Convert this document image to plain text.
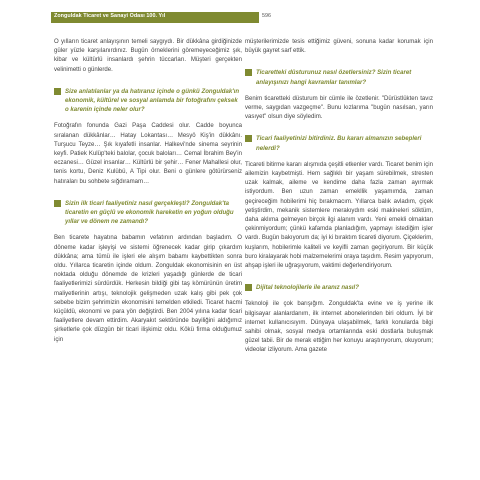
Zonguldak Ticaret ve Sanayi Odası 100. Yıl	596

O yılların ticaret anlayışının temeli saygıydı. Bir dükkâna girdiğinizde güler yüzle karşılanırdınız. Bugün örneklerini göremeyeceğimiz şık, kibar ve kültürlü insanlardı şehrin tüccarları. Müşteri gerçekten velinimetti o günlerde.

Size anlatılanlar ya da hatıranız içinde o günkü Zonguldak'ın ekonomik, kültürel ve sosyal anlamda bir fotoğrafını çeksek o karenin içinde neler olur?

Fotoğrafın fonunda Gazi Paşa Caddesi olur. Cadde boyunca sıralanan dükkânlar… Hatay Lokantası… Mesyö Kiş'in dükkânı. Turşucu Teyze… Şık kıyafetli insanlar. Halkevi'nde sinema seyrinin keyfi. Patiek Kulüp'teki balolar, çocuk baloları… Cemal İbrahim Bey'in eczanesi… Güzel insanlar… Kültürlü bir şehir… Fener Mahallesi olur, tenis kortu, Deniz Kulübü, A Tipi olur. Beni o günlere götürürseniz hatıraları bu sohbete sığdıramam…

Sizin ilk ticari faaliyetiniz nasıl gerçekleşti? Zonguldak'ta ticaretin en güçlü ve ekonomik hareketin en yoğun olduğu yıllar ve dönem ne zamandı?

Ben ticarete hayatına babamın vefatının ardından başladım. O döneme kadar işleyişi ve sistemi öğrenecek kadar girip çıkardım dükkâna; ama tümü ile işleri ele alışım babamı kaybettikten sonra oldu. Yıllarca ticaretin içinde oldum. Zonguldak ekonomisinin en üst noktada olduğu dönemde de krizleri yaşadığı günlerde de ticari faaliyetlerimizi sürdürdük. Herkesin bildiği gibi taş kömürünün üretim maliyetlerinin artışı, teknolojik gelişmeden uzak kalış gibi pek çok sebebe bizim şehrimizin ekonomisini temelden etkiledi. Ticaret hacmi küçüldü, ekonomi ve para yön değiştirdi. Ben 2004 yılına kadar ticari faaliyetlere devam ettirdim. Akaryakıt sektöründe bayiliğini aldığımız şirketlerle çok düzgün bir ticari ilişkimiz oldu. Kökü firma olduğumuz için

müşterilerimizde tesis ettiğimiz güveni, sonuna kadar korumak için büyük gayret sarf ettik.

Ticaretteki düsturunuz nasıl özetlersiniz? Sizin ticaret anlayışınızı hangi kavramlar tanımlar?

Benim ticaretteki düsturum bir cümle ile özetlenir. "Dürüstlükten tavız verme, saygıdan vazgeçme". Bunu kızlarıma "bugün nasılsan, yarın vasıyet" olsun diye söyledim.

Ticari faaliyetinizi bitirdiniz. Bu kararı almanızın sebepleri nelerdi?

Ticareti bitirme kararı alışmıda çeşitli etkenler vardı. Ticaret benim için ailemizin kaybetmişti. Hem sağlıklı bir yaşam sürebilmek, stresten uzak kalmak, aileme ve kendime daha fazla zaman ayırmak istiyordum. Ben uzun zaman emekllik yaşamımda, zaman geçireceğim hobilerimi hiç bırakmacım. Yıllarca balık avladım, çiçek yetiştirdim, mekanik sistemlere merakıydım eski makineleri söktüm, daha aklıma gelmeyen birçok ilgi alanım vardı. Yeni emekli olmaktan çekinmiyordum; çünkü kafamda planladığım, yapmayı istediğim işler vardı. Bugün bakıyorum da; iyi ki bıraktım ticareti diyorum. Çiçeklerim, kuşlarım, hobilerimle kaliteli ve keyifli zaman geçiriyorum. Bir küçük buro kiralayarak hobi malzemelerimi oraya taşıdım. Resim yapıyorum, ahşap işleri ile uğraşıyorum, vaktimi değerlendiriyorum.

Dijital teknolojilerle ile aranız nasıl?

Teknoloji ile çok barışığım. Zonguldak'ta evine ve iş yerine ilk bilgisayar alanlardanım, ilk internet abonelerinden biri oldum. İyi bir internet kullanıcısıyım. Dünyaya ulaşabilmek, farklı konularda bilgi sahibi olmak, sosyal medya ortamlarında eski dostlarla buluşmak güzel tabii. Bir de merak ettiğim her konuyu araştırıyorum, okuyorum; videolar izliyorum. Ama gazete
